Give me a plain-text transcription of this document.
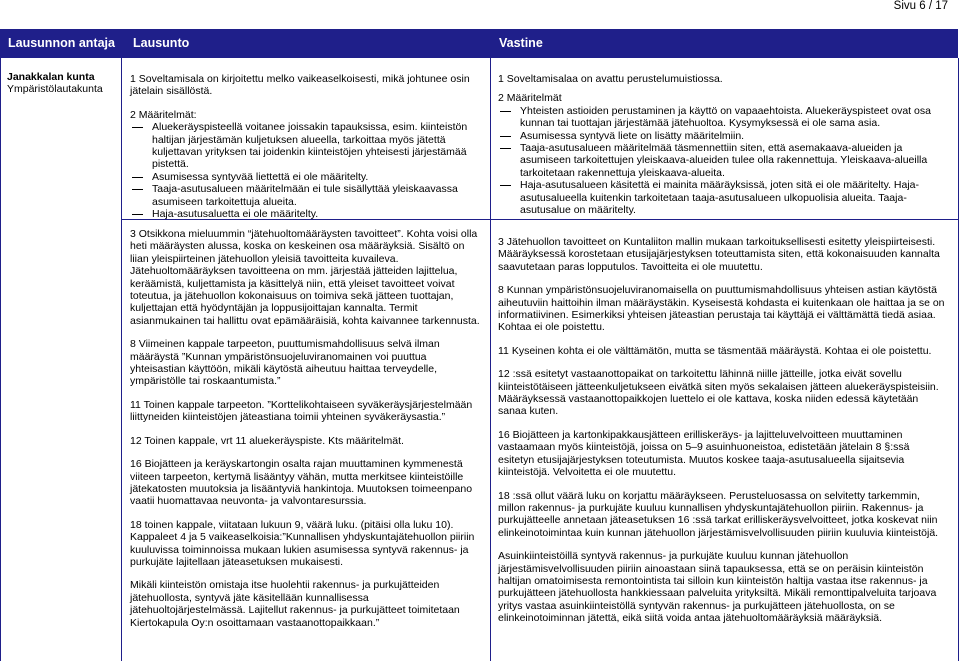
Sivu 6 / 17
Lausunnon antaja Lausunto	Vastine
Janakkalan kunta
Ympäristölautakunta

1 Soveltamisala on kirjoitettu melko vaikeaselkoisesti, mikä johtunee osin jätelain sisällöstä.

2 Määritelmät:
Aluekeräyspisteellä voitanee joissakin tapauksissa, esim. kiinteistön haltijan järjestämän kuljetuksen alueella, tarkoittaa myös jätettä kuljettavan yrityksen tai joidenkin kiinteistöjen yhteisesti järjestämää pistettä.
Asumisessa syntyvää liettettä ei ole määritelty.
Taaja-asutusalueen määritelmään ei tule sisällyttää yleiskaavassa asumiseen tarkoitettuja alueita.
Haja-asutusaluetta ei ole määritelty.

1 Soveltamisalaa on avattu perustelumuistiossa.

2 Määritelmät
Yhteisten astioiden perustaminen ja käyttö on vapaaehtoista. Aluekeräyspisteet ovat osa kunnan tai tuottajan järjestämää jätehuoltoa. Kysymyksessä ei ole sama asia.
Asumisessa syntyvä liete on lisätty määritelmiin.
Taaja-asutusalueen määritelmää täsmennettiin siten, että asemakaava-alueiden ja asumiseen tarkoitettujen yleiskaava-alueiden tulee olla rakennettuja. Yleiskaava-alueilla tarkoitetaan rakennettuja yleiskaava-alueita.
Haja-asutusalueen käsitettä ei mainita määräyksissä, joten sitä ei ole määritelty. Haja-asutusalueella kuitenkin tarkoitetaan taaja-asutusalueen ulkopuolisia alueita. Taaja-asutusalue on määritelty.

3 Otsikkona mieluummin “jätehuoltomääräysten tavoitteet”. Kohta voisi olla heti määräysten alussa, koska on keskeinen osa määräyksiä. Sisältö on liian yleispiirteinen jätehuollon yleisiä tavoitteita kuvaileva. Jätehuoltomääräyksen tavoitteena on mm. järjestää jätteiden lajittelua, keräämistä, kuljettamista ja käsittelyä niin, että yleiset tavoitteet voivat toteutua, ja jätehuollon kokonaisuus on toimiva sekä jätteen tuottajan, kuljettajan että hyödyntäjän ja loppusijoittajan kannalta. Termit asianmukainen tai hallittu ovat epämääräisiä, kohta kaivannee tarkennusta.

8 Viimeinen kappale tarpeeton, puuttumismahdollisuus selvä ilman määräystä ”Kunnan ympäristönsuojeluviranomainen voi puuttua yhteisastian käyttöön, mikäli käytöstä aiheutuu haittaa terveydelle, ympäristölle tai roskaantumista.”

11 Toinen kappale tarpeeton. ”Korttelikohtaiseen syväkeräysjärjestelmään liittyneiden kiinteistöjen jäteastiana toimii yhteinen syväkeräysastia.”

12 Toinen kappale, vrt 11 aluekeräyspiste. Kts määritelmät.

16 Biojätteen ja keräyskartongin osalta rajan muuttaminen kymmenestä viiteen tarpeeton, kertymä lisääntyy vähän, mutta merkitsee kiinteistöille jätekatosten muutoksia ja lisääntyviä hankintoja. Muutoksen toimeenpano vaatii huomattavaa neuvonta- ja valvontaresurssia.

18 toinen kappale, viitataan lukuun 9, väärä luku. (pitäisi olla luku 10). Kappaleet 4 ja 5 vaikeaselkoisia:”Kunnallisen yhdyskuntajätehuollon piiriin kuuluvissa toiminnoissa mukaan lukien asumisessa syntyvä rakennus- ja purkujäte lajitellaan jäteasetuksen mukaisesti.

Mikäli kiinteistön omistaja itse huolehtii rakennus- ja purkujätteiden jätehuollosta, syntyvä jäte käsitellään kunnallisessa jätehuoltojärjestelmässä. Lajitellut rakennus- ja purkujätteet toimitetaan Kiertokapula Oy:n osoittamaan vastaanottopaikkaan.”

3 Jätehuollon tavoitteet on Kuntaliiton mallin mukaan tarkoituksellisesti esitetty yleispiirteisesti. Määräyksessä korostetaan etusijajärjestyksen toteuttamista siten, että kokonaisuuden kannalta saavutetaan paras lopputulos. Tavoitteita ei ole muutettu.

8 Kunnan ympäristönsuojeluviranomaisella on puuttumismahdollisuus yhteisen astian käytöstä aiheutuviin haittoihin ilman määräystäkin. Kyseisestä kohdasta ei kuitenkaan ole haittaa ja se on informatiivinen. Esimerkiksi yhteisen jäteastian perustaja tai käyttäjä ei välttämättä tiedä asiaa. Kohtaa ei ole poistettu.

11 Kyseinen kohta ei ole välttämätön, mutta se täsmentää määräystä. Kohtaa ei ole poistettu.

12 :ssä esitetyt vastaanottopaikat on tarkoitettu lähinnä niille jätteille, jotka eivät sovellu kiinteistötäiseen jätteenkuljetukseen eivätkä siten myös sekalaisen jätteen aluekeräyspisteisiin. Määräyksessä vastaanottopaikkojen luettelo ei ole kattava, koska niiden edessä käytetään sanaa kuten.

16 Biojätteen ja kartonkipakkausjätteen erilliskeräys- ja lajitteluvelvoitteen muuttaminen vastaamaan myös kiinteistöjä, joissa on 5–9 asuinhuoneistoa, edistetään jätelain 8 §:ssä esitetyn etusijajärjestyksen toteutumista. Muutos koskee taaja-asutusalueella sijaitsevia kiinteistöjä. Velvoitetta ei ole muutettu.

18 :ssä ollut väärä luku on korjattu määräykseen. Perusteluosassa on selvitetty tarkemmin, millon rakennus- ja purkujäte kuuluu kunnallisen yhdyskuntajätehuollon piiriin. Rakennus- ja purkujätteelle annetaan jäteasetuksen 16 :ssä tarkat erilliskeräysvelvoitteet, jotka koskevat niin elinkeinotoimintaa kuin kunnan jätehuollon järjestämisvelvollisuuden piiriin kuuluvia kiinteistöjä.

Asuinkiinteistöillä syntyvä rakennus- ja purkujäte kuuluu kunnan jätehuollon järjestämisvelvollisuuden piiriin ainoastaan siinä tapauksessa, että se on peräisin kiinteistön haltijan omatoimisesta remontointista tai silloin kun kiinteistön haltija vastaa itse rakennus- ja purkujätteen jätehuollosta hankkiessaan palveluita yrityksiltä. Mikäli remonttipalveluita tarjoava yritys vastaa asuinkiinteistöllä syntyvän rakennus- ja purkujätteen jätehuollosta, on se elinkeinotoiminnan jätettä, eikä siitä voida antaa jätehuoltomääräyksiä määräyksiä.
